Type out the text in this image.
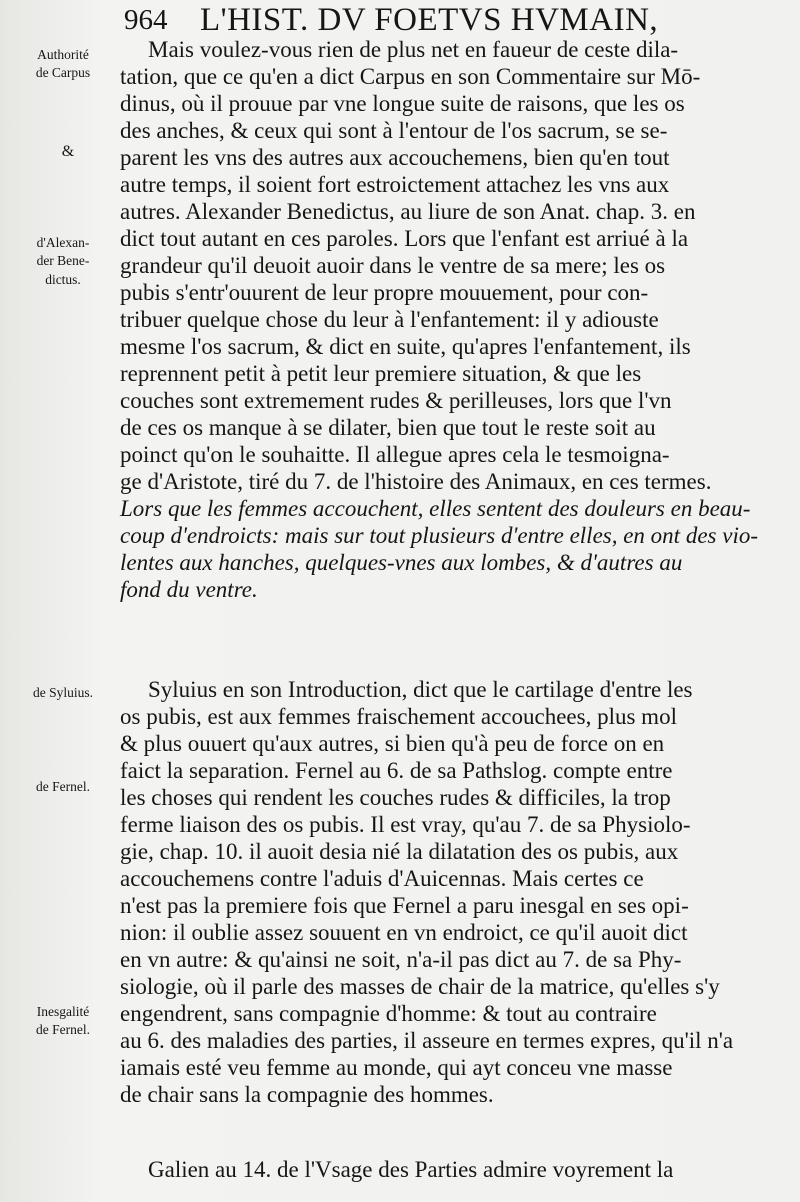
964 L'HIST. DV FOETVS HVMAIN,
Authorité
de Carpus
&
d'Alexan-
der Bene-
dictus.
de Syluius.
de Fernel.
Inesgalité
de Fernel.
Mais voulez-vous rien de plus net en faueur de ceste dila-
tation, que ce qu'en a dict Carpus en son Commentaire sur Mō-
dinus, où il prouue par vne longue suite de raisons, que les os
des anches, & ceux qui sont à l'entour de l'os sacrum, se se-
parent les vns des autres aux accouchemens, bien qu'en tout
autre temps, il soient fort estroictement attachez les vns aux
autres. Alexander Benedictus, au liure de son Anat. chap. 3. en
dict tout autant en ces paroles. Lors que l'enfant est arriué à la
grandeur qu'il deuoit auoir dans le ventre de sa mere; les os
pubis s'entr'ouurent de leur propre mouuement, pour con-
tribuer quelque chose du leur à l'enfantement: il y adiouste
mesme l'os sacrum, & dict en suite, qu'apres l'enfantement, ils
reprennent petit à petit leur premiere situation, & que les
couches sont extremement rudes & perilleuses, lors que l'vn
de ces os manque à se dilater, bien que tout le reste soit au
poinct qu'on le souhaitte. Il allegue apres cela le tesmoigna-
ge d'Aristote, tiré du 7. de l'histoire des Animaux, en ces termes.
Lors que les femmes accouchent, elles sentent des douleurs en beau-
coup d'endroicts: mais sur tout plusieurs d'entre elles, en ont des vio-
lentes aux hanches, quelques-vnes aux lombes, & d'autres au
fond du ventre.
Syluius en son Introduction, dict que le cartilage d'entre les
os pubis, est aux femmes fraischement accouchees, plus mol
& plus ouuert qu'aux autres, si bien qu'à peu de force on en
faict la separation. Fernel au 6. de sa Pathslog. compte entre
les choses qui rendent les couches rudes & difficiles, la trop
ferme liaison des os pubis. Il est vray, qu'au 7. de sa Physiolo-
gie, chap. 10. il auoit desia nié la dilatation des os pubis, aux
accouchemens contre l'aduis d'Auicennas. Mais certes ce
n'est pas la premiere fois que Fernel a paru inesgal en ses opi-
nion: il oublie assez souuent en vn endroict, ce qu'il auoit dict
en vn autre: & qu'ainsi ne soit, n'a-il pas dict au 7. de sa Phy-
siologie, où il parle des masses de chair de la matrice, qu'elles s'y
engendrent, sans compagnie d'homme: & tout au contraire
au 6. des maladies des parties, il asseure en termes expres, qu'il n'a
iamais esté veu femme au monde, qui ayt conceu vne masse
de chair sans la compagnie des hommes.
Galien au 14. de l'Vsage des Parties admire voyrement la
